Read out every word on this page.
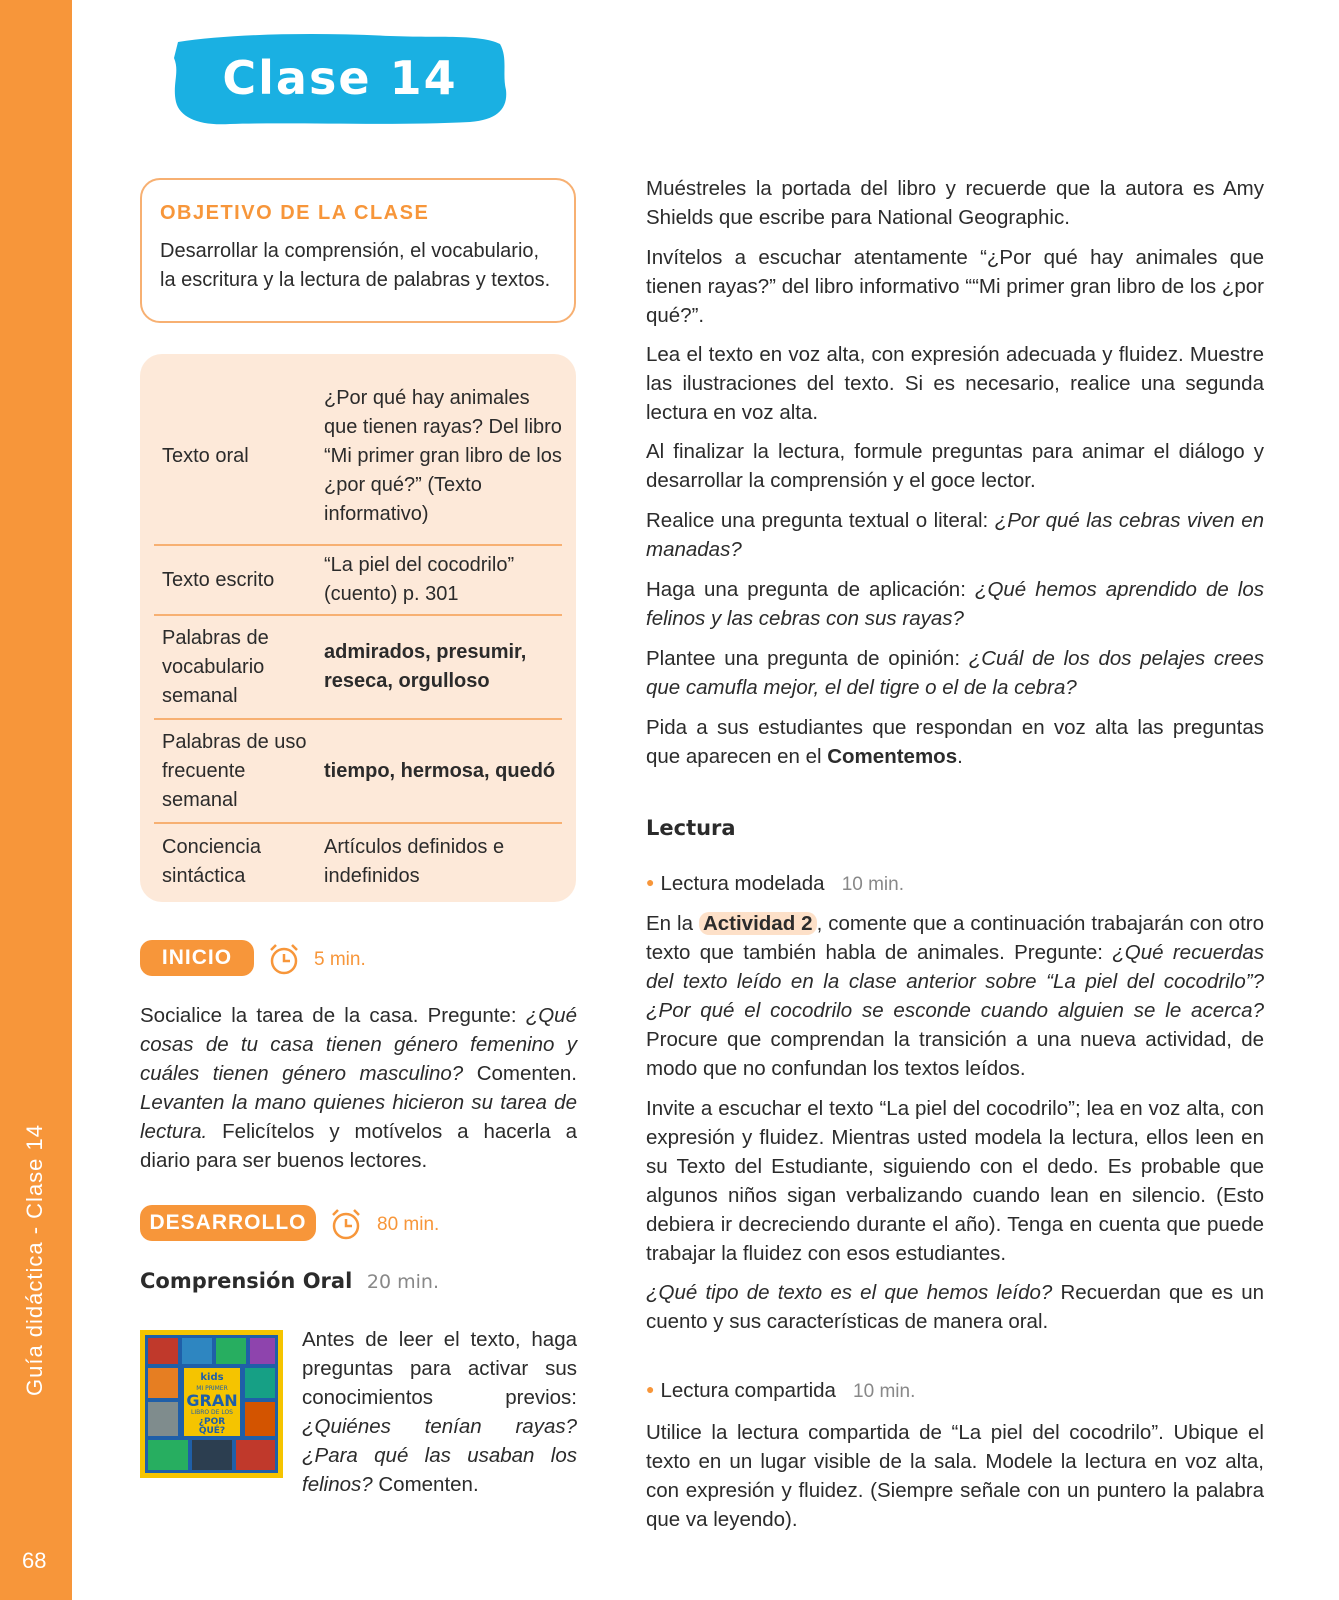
Guía didáctica - Clase 14
68
Clase 14
OBJETIVO DE LA CLASE
Desarrollar la comprensión, el vocabulario, la escritura y la lectura de palabras y textos.
Texto oral
¿Por qué hay animales que tienen rayas? Del libro “Mi primer gran libro de los ¿por qué?” (Texto informativo)
Texto escrito
“La piel del cocodrilo” (cuento) p. 301
Palabras de vocabulario semanal
admirados, presumir, reseca, orgulloso
Palabras de uso frecuente semanal
tiempo, hermosa, quedó
Conciencia sintáctica
Artículos definidos e indefinidos
INICIO	5 min.
Socialice la tarea de la casa. Pregunte: ¿Qué cosas de tu casa tienen género femenino y cuáles tienen género masculino? Comenten. Levanten la mano quienes hicieron su tarea de lectura. Felicítelos y motívelos a hacerla a diario para ser buenos lectores.
DESARROLLO	80 min.
Comprensión Oral 20 min.
kids
MI PRIMER
GRAN
LIBRO DE LOS
¿POR
QUÉ?
Antes de leer el texto, haga preguntas para activar sus conocimientos previos: ¿Quiénes tenían rayas? ¿Para qué las usaban los felinos? Comenten.
Muéstreles la portada del libro y recuerde que la autora es Amy Shields que escribe para National Geographic.
Invítelos a escuchar atentamente “¿Por qué hay animales que tienen rayas?” del libro informativo ““Mi primer gran libro de los ¿por qué?”.
Lea el texto en voz alta, con expresión adecuada y fluidez. Muestre las ilustraciones del texto. Si es necesario, realice una segunda lectura en voz alta.
Al finalizar la lectura, formule preguntas para animar el diálogo y desarrollar la comprensión y el goce lector.
Realice una pregunta textual o literal: ¿Por qué las cebras viven en manadas?
Haga una pregunta de aplicación: ¿Qué hemos aprendido de los felinos y las cebras con sus rayas?
Plantee una pregunta de opinión: ¿Cuál de los dos pelajes crees que camufla mejor, el del tigre o el de la cebra?
Pida a sus estudiantes que respondan en voz alta las preguntas que aparecen en el Comentemos.
Lectura
● Lectura modelada 10 min.
En la Actividad 2 , comente que a continuación trabajarán con otro texto que también habla de animales. Pregunte: ¿Qué recuerdas del texto leído en la clase anterior sobre “La piel del cocodrilo”? ¿Por qué el cocodrilo se esconde cuando alguien se le acerca? Procure que comprendan la transición a una nueva actividad, de modo que no confundan los textos leídos.
Invite a escuchar el texto “La piel del cocodrilo”; lea en voz alta, con expresión y fluidez. Mientras usted modela la lectura, ellos leen en su Texto del Estudiante, siguiendo con el dedo. Es probable que algunos niños sigan verbalizando cuando lean en silencio. (Esto debiera ir decreciendo durante el año). Tenga en cuenta que puede trabajar la fluidez con esos estudiantes.
¿Qué tipo de texto es el que hemos leído? Recuerdan que es un cuento y sus características de manera oral.
● Lectura compartida 10 min.
Utilice la lectura compartida de “La piel del cocodrilo”. Ubique el texto en un lugar visible de la sala. Modele la lectura en voz alta, con expresión y fluidez. (Siempre señale con un puntero la palabra que va leyendo).
